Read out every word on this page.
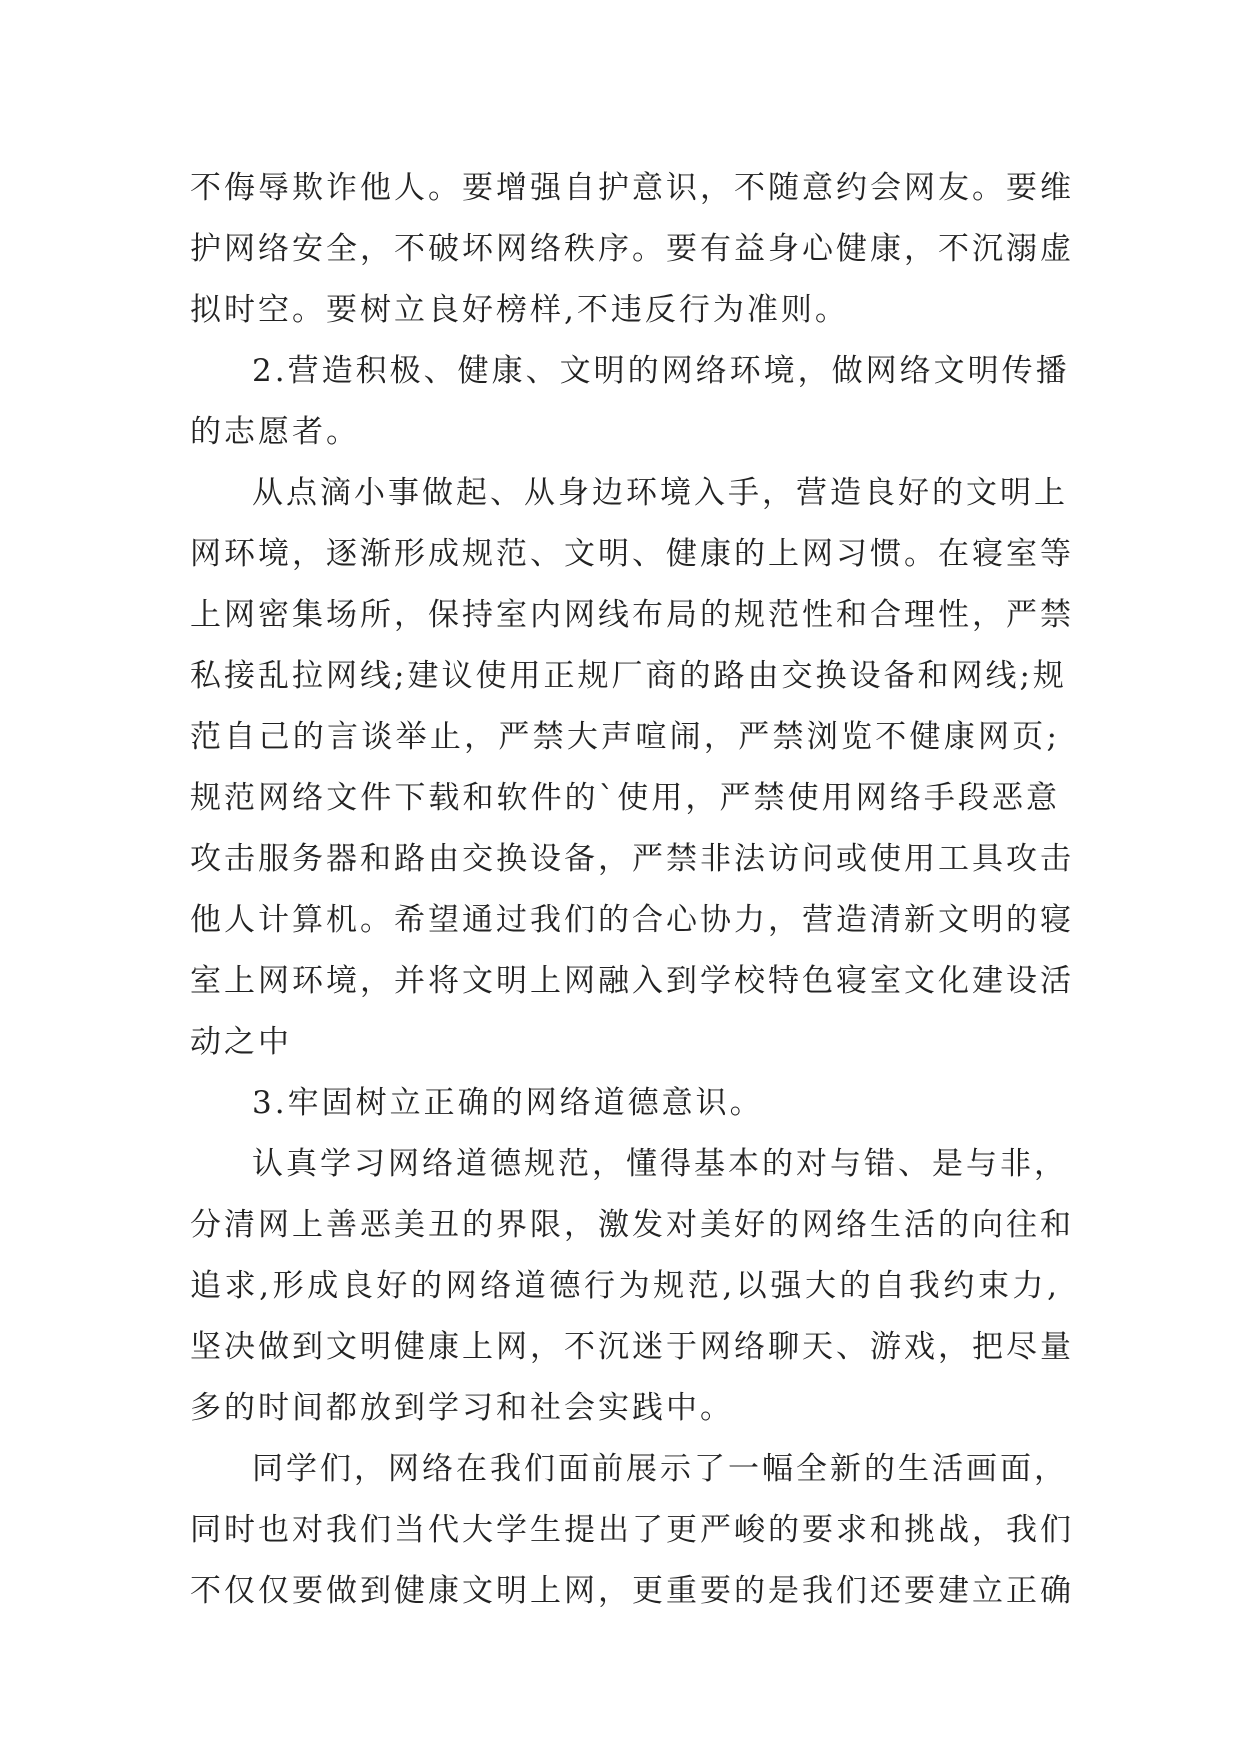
不侮辱欺诈他人。要增强自护意识，不随意约会网友。要维
护网络安全，不破坏网络秩序。要有益身心健康，不沉溺虚
拟时空。要树立良好榜样,不违反行为准则。
2.营造积极、健康、文明的网络环境，做网络文明传播
的志愿者。
从点滴小事做起、从身边环境入手，营造良好的文明上
网环境，逐渐形成规范、文明、健康的上网习惯。在寝室等
上网密集场所，保持室内网线布局的规范性和合理性，严禁
私接乱拉网线;建议使用正规厂商的路由交换设备和网线;规
范自己的言谈举止，严禁大声喧闹，严禁浏览不健康网页;
规范网络文件下载和软件的`使用，严禁使用网络手段恶意
攻击服务器和路由交换设备，严禁非法访问或使用工具攻击
他人计算机。希望通过我们的合心协力，营造清新文明的寝
室上网环境，并将文明上网融入到学校特色寝室文化建设活
动之中
3.牢固树立正确的网络道德意识。
认真学习网络道德规范，懂得基本的对与错、是与非，
分清网上善恶美丑的界限，激发对美好的网络生活的向往和
追求,形成良好的网络道德行为规范,以强大的自我约束力,
坚决做到文明健康上网，不沉迷于网络聊天、游戏，把尽量
多的时间都放到学习和社会实践中。
同学们，网络在我们面前展示了一幅全新的生活画面，
同时也对我们当代大学生提出了更严峻的要求和挑战，我们
不仅仅要做到健康文明上网，更重要的是我们还要建立正确
